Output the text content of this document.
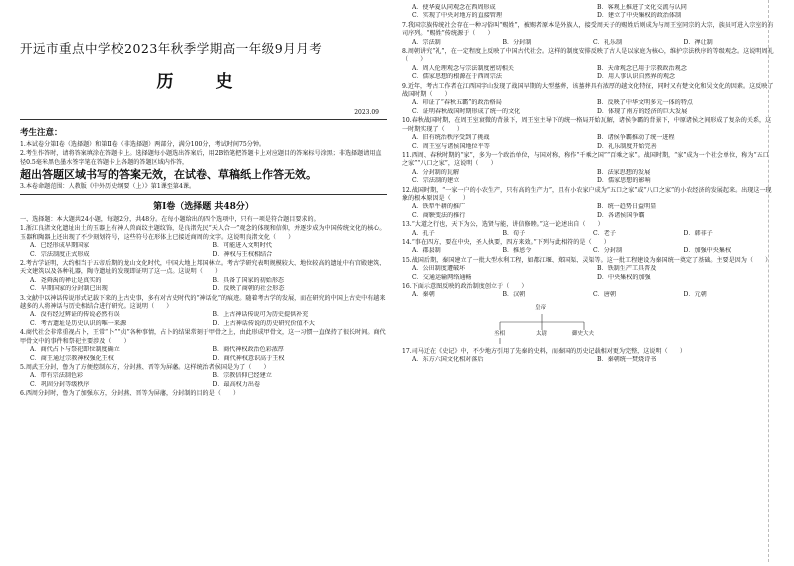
开远市重点中学校2023年秋季学期高一年级9月月考
历 史
2023.09
考生注意：

1.本试卷分第Ⅰ卷（选择题）和第Ⅱ卷（非选择题）两部分，满分100分，考试时间75分钟。

2.考生作答时，请将答案填涂在答题卡上。选择题每小题选出答案后，用2B铅笔把答题卡上对应题目的答案标号涂黑；非选择题请用直径0.5毫米黑色墨水签字笔在答题卡上各题的答题区域内作答，

超出答题区域书写的答案无效，在试卷、草稿纸上作答无效。

3.本卷命题范围：人教版《中外历史纲要（上）》第1课至第4课。

第Ⅰ卷（选择题 共48分）
一、选择题：本大题共24小题，每题2分，共48分。在每小题给出的四个选项中，只有一项是符合题目要求的。
1.浙江良渚文化遗址出土的玉器上有神人兽面纹主题纹饰，是良渚先民“天人合一”观念的体现和信仰，并逐步成为中国传统文化的核心。玉器和陶器上还出现了不少刻划符号，这些符号在形体上已接近商周的文字。这说明良渚文化（　　）
A．已经形成早期国家	B．可能进入文明时代
C．宗法制度正式形成	D．神权与王权相结合
2.考古学证明，大约相当于五帝后期的龙山文化时代，中国大地上邦国林立。考古学研究表明规模较大、地位较高的遗址中有宫殿建筑、天文建筑以及各种礼器，陶寺遗址的发现即证明了这一点。这说明（　　）
A．尧舜禹的禅让是真实的	B．具备了国家的初始形态
C．早期国家的分封制已出现	D．反映了商朝的社会形态
3.文献中以神话传说形式记载下来的上古史事，多有对古史时代的“神话化”的痕迹。随着考古学的发展，而在研究的中国上古史中有越来越多的人将神话与历史相结合进行研究。这说明（　　）
A．没有经过辨证的传说必然有误	B．上古神话传说可为历史提供补充
C．考古遗址是历史认识的唯一来源	D．上古神话传说的历史研究价值不大
4.商代社会非常重视占卜，王常“卜”“贞”各种事情，占卜的结果常刻于甲骨之上，由此形成甲骨文，这一习惯一直保持了很长时间。商代甲骨文中的事件和祭祀主要涉及（　　）
A．商代占卜与祭祀即位制度确立	B．商代神权政治色彩浓厚
C．商王通过宗教神权强化王权	D．商代神权意识高于王权
5.周武王分封，鲁为了方便控制东方，分封燕、晋等为屏藩。这样统治者侯国是为了（　　）
A．带有宗法制色彩	B．宗教信仰已经建立
C．巩固分封等级秩序	D．最高权力出卷
6.西周分封时，鲁为了加强东方，分封燕、晋等为屏藩，分封制的目的是（　　）
A．使华夏认同观念在西周形成	B．客观上推进了文化交流与认同
C．实现了中央对地方的直接管理	D．建立了中央集权的政治体制
7.我国宗族传统社会存在一种习俗叫“赐姓”，被赐者原本是外族人，接受周天子的赐姓后则成为与周王室同宗的大宗，族员可进入宗室的有司序列。“赐姓”传统源于（　　）
A．宗法制	B．分封制	C．礼乐制	D．禅让制
8.周朝讲究“礼”，在一定程度上反映了中国古代社会。这样的制度安排反映了古人是以家庭为核心，维护宗法秩序的等级观念。这说明周礼（　　）
A．周人伦理观念与宗法制度密切相关	B．天命观念已用于宗教政治观念
C．儒家思想的根源在于西周宗法	D．用人事认识自然界的观念
9.近年，考古工作者在江西国字山发现了战国早期的大型墓葬，该墓葬具有浓厚的越文化特征，同时又有楚文化和吴文化的因素。这反映了战国时期（　　）
A．印证了“春秋五霸”的政治格局	B．反映了中华文明多元一体的特点
C．证明春秋战国时期形成了统一的文化	D．体现了南方的经济的巨大发展
10.春秋战国时期，在周王室衰微的背景下，周王室主导下的统一格局开始瓦解，诸侯争霸的背景下，中原诸侯之间形成了复杂的关系，这一时期实现了（　　）
A．旧有统治秩序受到了挑战	B．诸侯争霸推动了统一进程
C．周王室与诸侯国地位平等	D．礼乐制度开始完善
11.西周、春秋时期的“家”，多为一个政治单位，与国对称，称作“千乘之国”“百乘之家”。战国时期，“家”成为一个社会单位，称为“五口之家”“八口之家”，这说明（　　）
A．分封制的瓦解	B．法家思想的发展
C．宗法制的建立	D．儒家思想的影响
12.战国时期，“一家一户的小农生产，只有高的生产力”，且有小农家户成为“五口之家”或“八口之家”的小农经济的发展起来。出现这一现象的根本原因是（　　）
A．铁犁牛耕的推广	B．统一趋势日益明显
C．商鞅变法的推行	D．各诸侯国争霸
13.“大道之行也，天下为公，选贤与能，讲信修睦。”这一论述出自（　　）
A．孔子	B．荀子	C．老子	D．韩非子
14.“事在四方，要在中央，圣人执要，四方来效。”下列与此相符的是（　　）
A．郡县制	B．推恩令	C．分封制	D．加强中央集权
15.战国后期，秦国建立了一批大型水利工程，如都江堰、郑国渠、灵渠等。这一批工程建设为秦国统一奠定了基础。主要是因为（　　）
A．公田制度遭破坏	B．铁制生产工具普及
C．交通运输网络通畅	D．中央集权的加强
16.下面示意图反映的政治制度创立于（　　）
A．秦朝	B．汉朝	C．唐朝	D．元朝
皇帝
丞相	太尉	御史大夫
17.司马迁在《史记》中，不少地方引用了先秦的史料，而秦国的历史记载相对更为完整，这说明（　　）
A．东方六国文化相对落后	B．秦朝统一焚烧诗书
